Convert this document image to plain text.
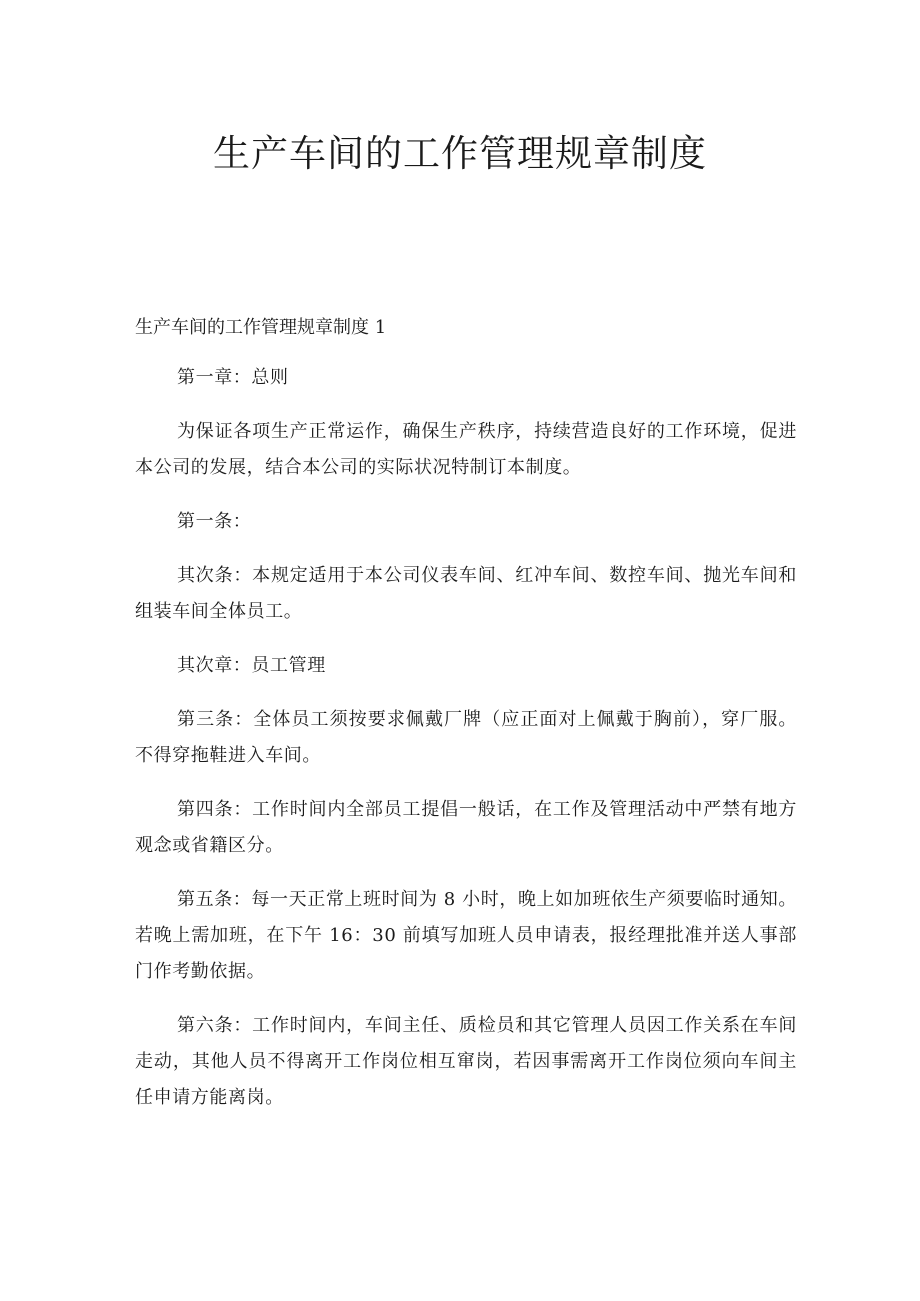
生产车间的工作管理规章制度

生产车间的工作管理规章制度 1

第一章：总则

为保证各项生产正常运作，确保生产秩序，持续营造良好的工作环境，促进本公司的发展，结合本公司的实际状况特制订本制度。

第一条：

其次条：本规定适用于本公司仪表车间、红冲车间、数控车间、抛光车间和组装车间全体员工。

其次章：员工管理

第三条：全体员工须按要求佩戴厂牌（应正面对上佩戴于胸前），穿厂服。不得穿拖鞋进入车间。

第四条：工作时间内全部员工提倡一般话，在工作及管理活动中严禁有地方观念或省籍区分。

第五条：每一天正常上班时间为 8 小时，晚上如加班依生产须要临时通知。若晚上需加班，在下午 16：30 前填写加班人员申请表，报经理批准并送人事部门作考勤依据。

第六条：工作时间内，车间主任、质检员和其它管理人员因工作关系在车间走动，其他人员不得离开工作岗位相互窜岗，若因事需离开工作岗位须向车间主任申请方能离岗。
